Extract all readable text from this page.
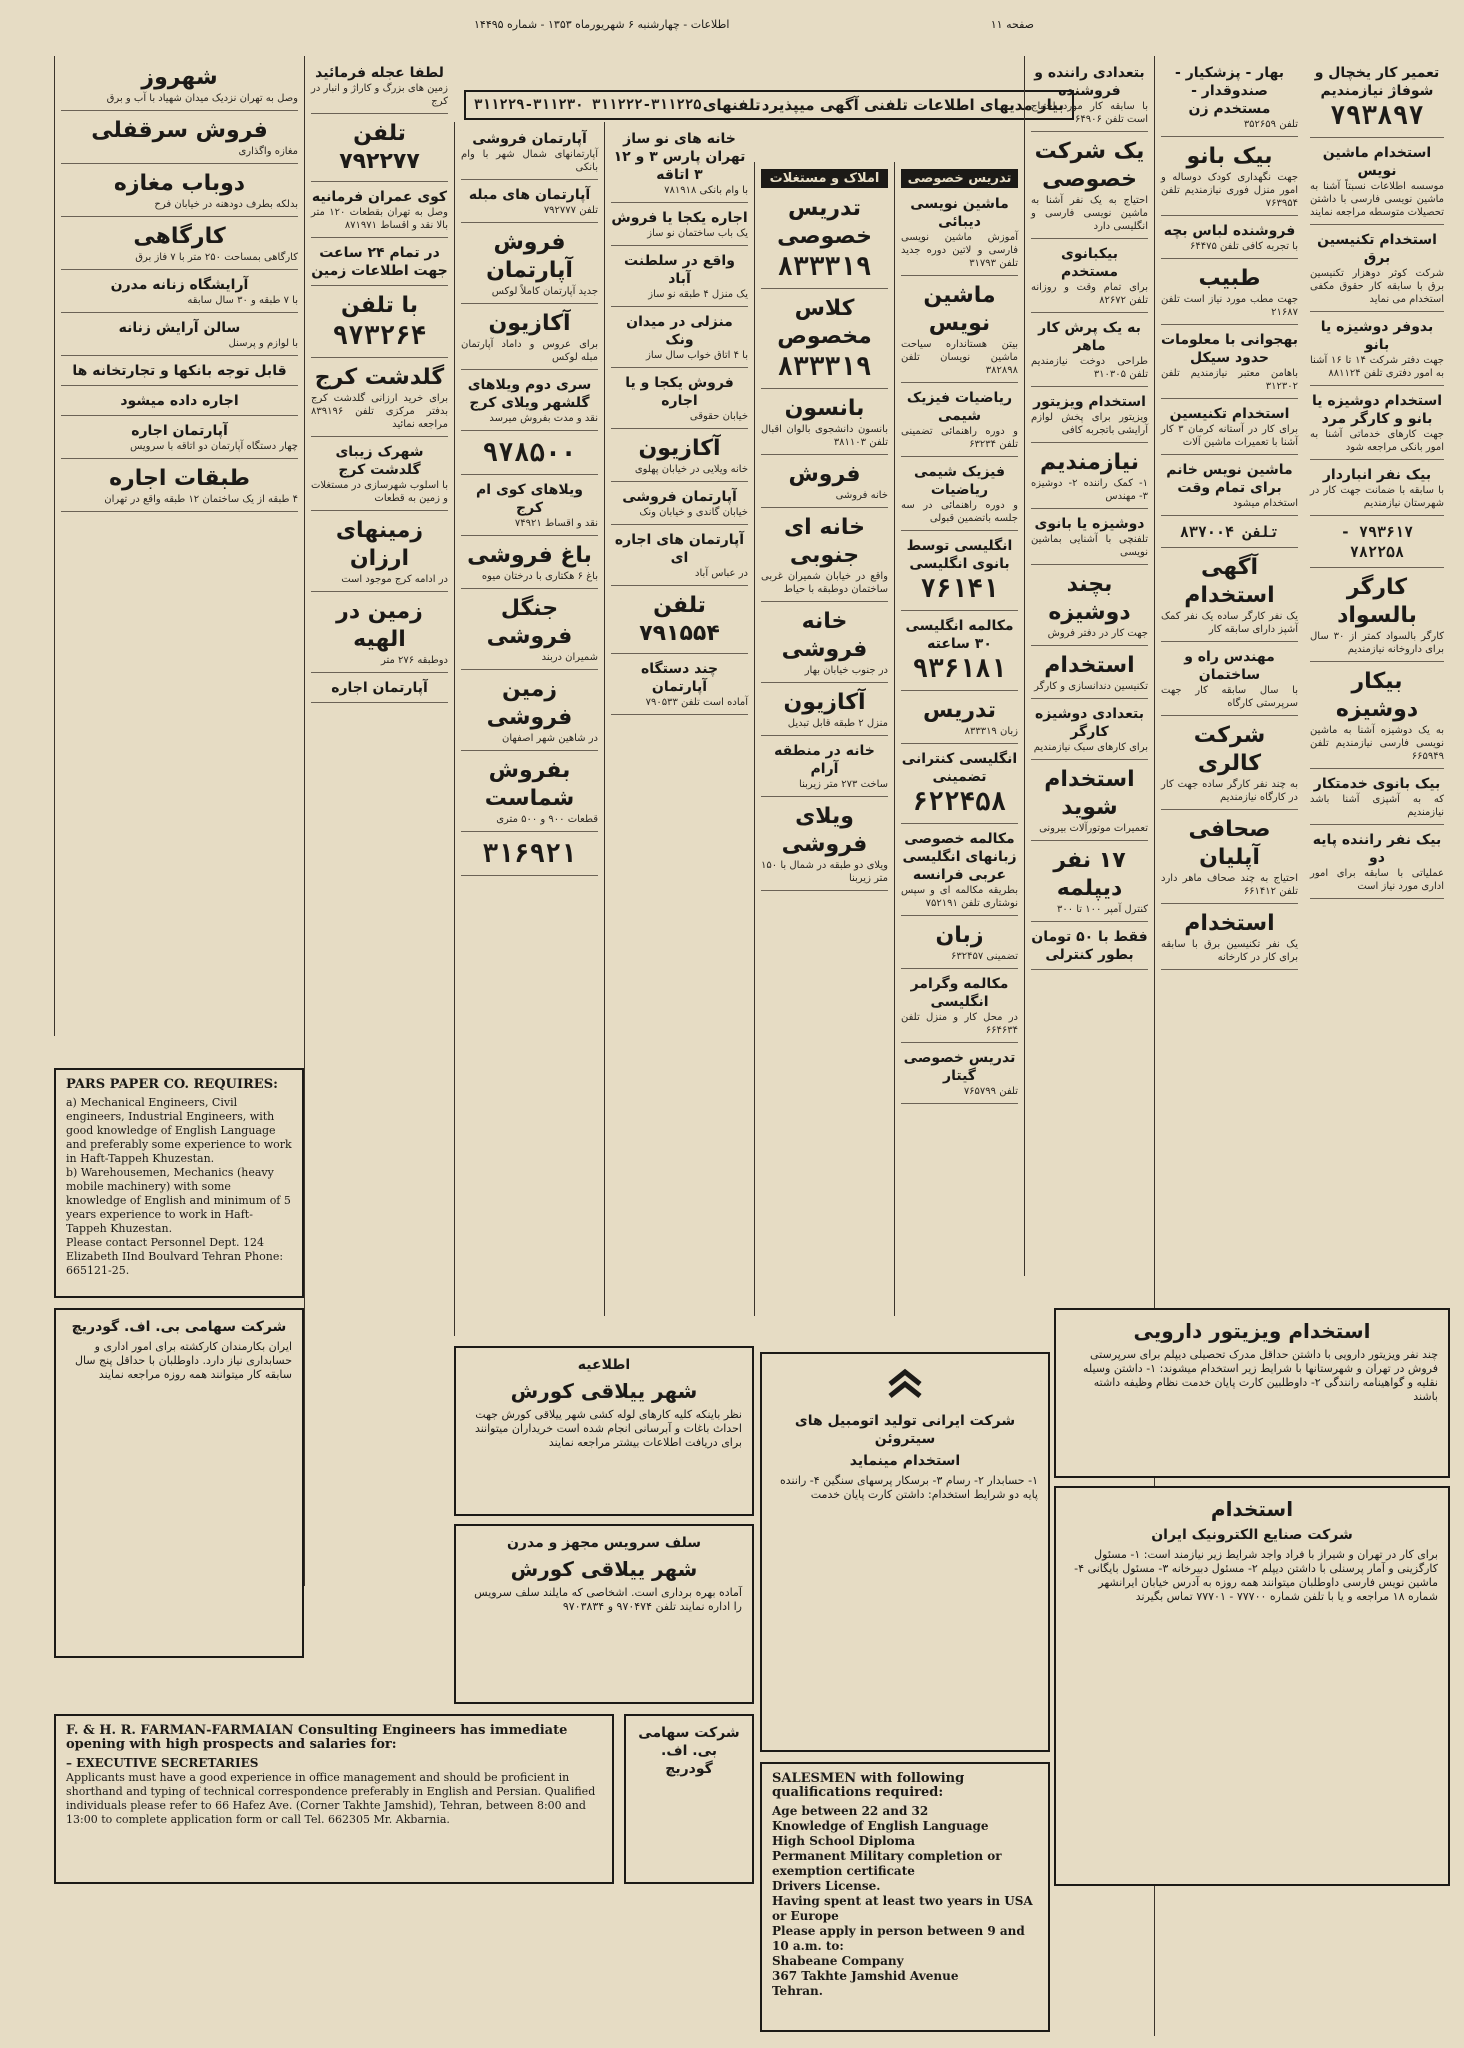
صفحه ۱۱
اطلاعات - چهارشنبه ۶ شهریورماه ۱۳۵۳ - شماره ۱۴۴۹۵
بیار مدیهای اطلاعات تلفنی آگهی میپذیرد
تلفنهای
۳۱۱۲۲۲-۳۱۱۲۲۵ ۳۱۱۲۲۹-۳۱۱۲۳۰
تعمیر کار یخچال و شوفاژ نیازمندیم
۷۹۳۸۹۷
استخدام ماشین نویس
موسسه اطلاعات نسبتاً آشنا به ماشین نویسی فارسی با داشتن تحصیلات متوسطه مراجعه نمایند
استخدام تکنیسین برق
شرکت کوثر دوهزار تکنیسین برق با سابقه کار حقوق مکفی استخدام می نماید
بدوفر دوشیزه یا بانو
جهت دفتر شرکت ۱۴ تا ۱۶ آشنا به امور دفتری تلفن ۸۸۱۱۲۴
استخدام دوشیزه یا بانو و کارگر مرد
جهت کارهای خدماتی آشنا به امور بانکی مراجعه شود
بیک نفر انباردار
با سابقه با ضمانت جهت کار در شهرستان نیازمندیم
۷۹۳۶۱۷ - ۷۸۲۲۵۸
کارگر بالسواد
کارگر بالسواد کمتر از ۳۰ سال برای داروخانه نیازمندیم
بیکار دوشیزه
به یک دوشیزه آشنا به ماشین نویسی فارسی نیازمندیم تلفن ۶۶۵۹۴۹
بیک بانوی خدمتکار
که به آشپزی آشنا باشد نیازمندیم
بیک نفر راننده پایه دو
عملیاتی با سابقه برای امور اداری مورد نیاز است
بهار - پزشکیار - صندوقدار - مستخدم زن
تلفن ۳۵۲۶۵۹
بیک بانو
جهت نگهداری کودک دوساله و امور منزل فوری نیازمندیم تلفن ۷۶۳۹۵۴
فروشنده لباس بچه
با تجربه کافی تلفن ۶۴۴۷۵
طبیب
جهت مطب مورد نیاز است تلفن ۲۱۶۸۷
بهجوانی با معلومات حدود سیکل
باهامن معتبر نیازمندیم تلفن ۳۱۲۳۰۲
استخدام تکنیسین
برای کار در آستانه کرمان ۳ کار آشنا با تعمیرات ماشین آلات
ماشین نویس خانم برای تمام وقت
استخدام میشود
تلفن ۸۳۷۰۰۴
آگهی استخدام
یک نفر کارگر ساده یک نفر کمک آشپز دارای سابقه کار
مهندس راه و ساختمان
با سال سابقه کار جهت سرپرستی کارگاه
شرکت کالری
به چند نفر کارگر ساده جهت کار در کارگاه نیازمندیم
صحافی آپلیان
احتیاج به چند صحاف ماهر دارد تلفن ۶۶۱۴۱۲
استخدام
یک نفر تکنیسین برق با سابقه برای کار در کارخانه
بتعدادی راننده و فروشنده
با سابقه کار مورد احتیاج است تلفن ۶۴۹۰۶
یک شرکت خصوصی
احتیاج به یک نفر آشنا به ماشین نویسی فارسی و انگلیسی دارد
بیکبانوی مستخدم
برای تمام وقت و روزانه تلفن ۸۲۶۷۲
به یک پرش کار ماهر
طراحی دوخت نیازمندیم تلفن ۳۱۰۳۰۵
استخدام ویزیتور
ویزیتور برای پخش لوازم آرایشی باتجربه کافی
نیازمندیم
۱- کمک راننده ۲- دوشیزه ۳- مهندس
دوشیزه یا بانوی
تلفنچی با آشنایی بماشین نویسی
بچند دوشیزه
جهت کار در دفتر فروش
استخدام
تکنیسین دندانسازی و کارگر
بتعدادی دوشیزه کارگر
برای کارهای سبک نیازمندیم
استخدام شوید
تعمیرات موتورآلات بیرونی
۱۷ نفر دیپلمه
کنترل آمپر ۱۰۰ تا ۳۰۰
فقط با ۵۰ تومان بطور کنترلی
تدریس خصوصی
ماشین نویسی دیبائی
آموزش ماشین نویسی فارسی و لاتین دوره جدید تلفن ۳۱۷۹۳
ماشین نویس
بیتن هستانداره سیاحت ماشین نویسان تلفن ۳۸۲۸۹۸
ریاضیات فیزیک شیمی
و دوره راهنمائی تضمینی تلفن ۶۳۲۳۴
فیزیک شیمی ریاضیات
و دوره راهنمائی در سه جلسه باتضمین قبولی
انگلیسی توسط بانوی انگلیسی
۷۶۱۴۱
مکالمه انگلیسی ۳۰ ساعته
۹۳۶۱۸۱
تدریس
زبان ۸۳۳۳۱۹
انگلیسی کنترانی تضمینی
۶۲۲۴۵۸
مکالمه خصوصی زبانهای انگلیسی عربی فرانسه
بطریقه مکالمه ای و سپس نوشتاری تلفن ۷۵۲۱۹۱
زبان
تضمینی ۶۳۲۴۵۷
مکالمه وگرامر انگلیسی
در محل کار و منزل تلفن ۶۶۴۶۳۴
تدریس خصوصی گیتار
تلفن ۷۶۵۷۹۹
املاک و مستغلات
تدریس خصوصی
۸۳۳۳۱۹
کلاس مخصوص
۸۳۳۳۱۹
بانسون
بانسون دانشجوی بالوان اقبال تلفن ۳۸۱۱۰۳
فروش
خانه فروشی
خانه ای جنوبی
واقع در خیابان شمیران غربی ساختمان دوطبقه با حیاط
خانه فروشی
در جنوب خیابان بهار
آکازیون
منزل ۲ طبقه قابل تبدیل
خانه در منطقه آرام
ساخت ۲۷۳ متر زیربنا
ویلای فروشی
ویلای دو طبقه در شمال با ۱۵۰ متر زیربنا
خانه های نو ساز تهران پارس ۳ و ۱۲ ۳ اتاقه
با وام بانکی ۷۸۱۹۱۸
اجاره یکجا یا فروش
یک باب ساختمان نو ساز
واقع در سلطنت آباد
یک منزل ۴ طبقه نو ساز
منزلی در میدان ونک
با ۴ اتاق خواب سال ساز
فروش یکجا و یا اجاره
خیابان حقوقی
آکازیون
خانه ویلایی در خیابان پهلوی
آپارتمان فروشی
خیابان گاندی و خیابان ونک
آپارتمان های اجاره ای
در عباس آباد
تلفن ۷۹۱۵۵۴
چند دستگاه آپارتمان
آماده است تلفن ۷۹۰۵۳۳
آپارتمان فروشی
آپارتمانهای شمال شهر با وام بانکی
آپارتمان های مبله
تلفن ۷۹۲۷۷۷
فروش آپارتمان
جدید آپارتمان کاملاً لوکس
آکازیون
برای عروس و داماد آپارتمان مبله لوکس
سری دوم ویلاهای گلشهر ویلای کرج
نقد و مدت بفروش میرسد
۹۷۸۵۰۰
ویلاهای کوی ام کرج
نقد و اقساط ۷۴۹۲۱
باغ فروشی
باغ ۶ هکتاری با درختان میوه
جنگل فروشی
شمیران دربند
زمین فروشی
در شاهین شهر اصفهان
بفروش شماست
قطعات ۹۰۰ و ۵۰۰ متری
۳۱۶۹۲۱
لطفا عجله فرمائید
زمین های بزرگ و کاراژ و انبار در کرج
تلفن ۷۹۲۲۷۷
کوی عمران فرمانیه
وصل به تهران بقطعات ۱۲۰ متر بالا نقد و اقساط ۸۷۱۹۷۱
در تمام ۲۴ ساعت جهت اطلاعات زمین
با تلفن
۹۷۳۲۶۴
گلدشت کرج
برای خرید ارزانی گلدشت کرج بدفتر مرکزی تلفن ۸۳۹۱۹۶ مراجعه نمائید
شهرک زیبای گلدشت کرج
با اسلوب شهرسازی در مستغلات و زمین به قطعات
زمینهای ارزان
در ادامه کرج موجود است
زمین در الهیه
دوطبقه ۲۷۶ متر
آپارتمان اجاره
شهروز
وصل به تهران نزدیک میدان شهیاد با آب و برق
فروش سرقفلی
مغازه واگذاری
دوباب مغازه
بدلکه بطرف دودهنه در خیابان فرح
کارگاهی
کارگاهی بمساحت ۲۵۰ متر با ۷ فاز برق
آرایشگاه زنانه مدرن
با ۷ طبقه و ۳۰ سال سابقه
سالن آرایش زنانه
با لوازم و پرسنل
قابل توجه بانکها و تجارتخانه ها
اجاره داده میشود
آپارتمان اجاره
چهار دستگاه آپارتمان دو اتاقه با سرویس
طبقات اجاره
۴ طبقه از یک ساختمان ۱۲ طبقه واقع در تهران
PARS PAPER CO. REQUIRES:
a) Mechanical Engineers, Civil engineers, Industrial Engineers, with good knowledge of English Language and preferably some experience to work in Haft-Tappeh Khuzestan.
b) Warehousemen, Mechanics (heavy mobile machinery) with some knowledge of English and minimum of 5 years experience to work in Haft-Tappeh Khuzestan.
Please contact Personnel Dept. 124 Elizabeth IInd Boulvard Tehran Phone: 665121-25.
شرکت سهامی بی. اف. گودریچ
ایران بکارمندان کارکشته برای امور اداری و حسابداری نیاز دارد. داوطلبان با حداقل پنج سال سابقه کار میتوانند همه روزه مراجعه نمایند
F. & H. R. FARMAN-FARMAIAN Consulting Engineers has immediate opening with high prospects and salaries for:
– EXECUTIVE SECRETARIES
Applicants must have a good experience in office management and should be proficient in shorthand and typing of technical correspondence preferably in English and Persian. Qualified individuals please refer to 66 Hafez Ave. (Corner Takhte Jamshid), Tehran, between 8:00 and 13:00 to complete application form or call Tel. 662305 Mr. Akbarnia.
اطلاعیه
شهر ییلاقی کورش
نظر باینکه کلیه کارهای لوله کشی شهر ییلاقی کورش جهت احداث باغات و آبرسانی انجام شده است خریداران میتوانند برای دریافت اطلاعات بیشتر مراجعه نمایند
سلف سرویس مجهز و مدرن
شهر ییلاقی کورش
آماده بهره برداری است. اشخاصی که مایلند سلف سرویس را اداره نمایند تلفن ۹۷۰۴۷۴ و ۹۷۰۳۸۳۴
شرکت سهامی بی. اف. گودریچ
شرکت ایرانی تولید اتومبیل های سیتروئن
استخدام مینماید
۱- حسابدار ۲- رسام ۳- برسکار پرسهای سنگین ۴- راننده پایه دو شرایط استخدام: داشتن کارت پایان خدمت
SALESMEN with following qualifications required:
Age between 22 and 32
Knowledge of English Language
High School Diploma
Permanent Military completion or exemption certificate
Drivers License.
Having spent at least two years in USA or Europe
Please apply in person between 9 and 10 a.m. to:
Shabeane Company
367 Takhte Jamshid Avenue
Tehran.
استخدام ویزیتور دارویی
چند نفر ویزیتور دارویی با داشتن حداقل مدرک تحصیلی دیپلم برای سرپرستی فروش در تهران و شهرستانها با شرایط زیر استخدام میشوند: ۱- داشتن وسیله نقلیه و گواهینامه رانندگی ۲- داوطلبین کارت پایان خدمت نظام وظیفه داشته باشند
استخدام
شرکت صنایع الکترونیک ایران
برای کار در تهران و شیراز با فراد واجد شرایط زیر نیازمند است: ۱- مسئول کارگزینی و آمار پرسنلی با داشتن دیپلم ۲- مسئول دبیرخانه ۳- مسئول بایگانی ۴- ماشین نویس فارسی داوطلبان میتوانند همه روزه به آدرس خیابان ایرانشهر شماره ۱۸ مراجعه و یا با تلفن شماره ۷۷۷۰۰ - ۷۷۷۰۱ تماس بگیرند
